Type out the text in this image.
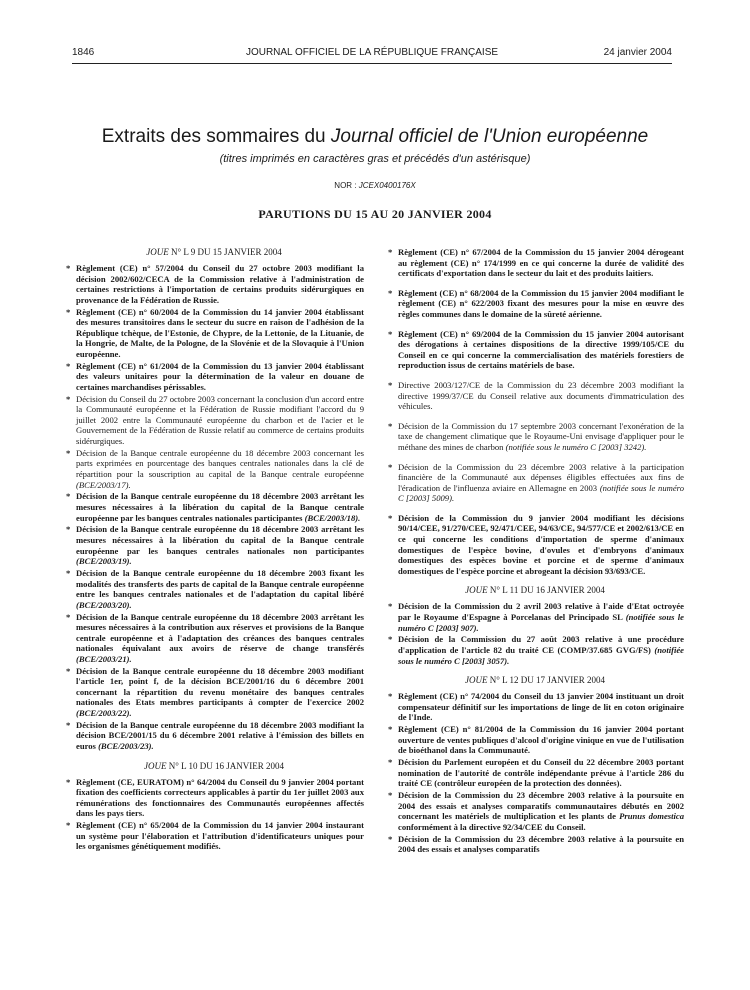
1846	JOURNAL OFFICIEL DE LA RÉPUBLIQUE FRANÇAISE	24 janvier 2004
Extraits des sommaires du Journal officiel de l'Union européenne
(titres imprimés en caractères gras et précédés d'un astérisque)
NOR : JCEX0400176X
PARUTIONS DU 15 AU 20 JANVIER 2004
JOUE N° L 9 DU 15 JANVIER 2004
* Règlement (CE) n° 57/2004 du Conseil du 27 octobre 2003 modifiant la décision 2002/602/CECA de la Commission relative à l'administration de certaines restrictions à l'importation de certains produits sidérurgiques en provenance de la Fédération de Russie.
* Règlement (CE) n° 60/2004 de la Commission du 14 janvier 2004 établissant des mesures transitoires dans le secteur du sucre en raison de l'adhésion de la République tchèque, de l'Estonie, de Chypre, de la Lettonie, de la Lituanie, de la Hongrie, de Malte, de la Pologne, de la Slovénie et de la Slovaquie à l'Union européenne.
* Règlement (CE) n° 61/2004 de la Commission du 13 janvier 2004 établissant des valeurs unitaires pour la détermination de la valeur en douane de certaines marchandises périssables.
* Décision du Conseil du 27 octobre 2003 concernant la conclusion d'un accord entre la Communauté européenne et la Fédération de Russie modifiant l'accord du 9 juillet 2002 entre la Communauté européenne du charbon et de l'acier et le Gouvernement de la Fédération de Russie relatif au commerce de certains produits sidérurgiques.
* Décision de la Banque centrale européenne du 18 décembre 2003 concernant les parts exprimées en pourcentage des banques centrales nationales dans la clé de répartition pour la souscription au capital de la Banque centrale européenne (BCE/2003/17).
* Décision de la Banque centrale européenne du 18 décembre 2003 arrêtant les mesures nécessaires à la libération du capital de la Banque centrale européenne par les banques centrales nationales participantes (BCE/2003/18).
* Décision de la Banque centrale européenne du 18 décembre 2003 arrêtant les mesures nécessaires à la libération du capital de la Banque centrale européenne par les banques centrales nationales non participantes (BCE/2003/19).
* Décision de la Banque centrale européenne du 18 décembre 2003 fixant les modalités des transferts des parts de capital de la Banque centrale européenne entre les banques centrales nationales et de l'adaptation du capital libéré (BCE/2003/20).
* Décision de la Banque centrale européenne du 18 décembre 2003 arrêtant les mesures nécessaires à la contribution aux réserves et provisions de la Banque centrale européenne et à l'adaptation des créances des banques centrales nationales équivalant aux avoirs de réserve de change transférés (BCE/2003/21).
* Décision de la Banque centrale européenne du 18 décembre 2003 modifiant l'article 1er, point f, de la décision BCE/2001/16 du 6 décembre 2001 concernant la répartition du revenu monétaire des banques centrales nationales des Etats membres participants à compter de l'exercice 2002 (BCE/2003/22).
* Décision de la Banque centrale européenne du 18 décembre 2003 modifiant la décision BCE/2001/15 du 6 décembre 2001 relative à l'émission des billets en euros (BCE/2003/23).
JOUE N° L 10 DU 16 JANVIER 2004
* Règlement (CE, EURATOM) n° 64/2004 du Conseil du 9 janvier 2004 portant fixation des coefficients correcteurs applicables à partir du 1er juillet 2003 aux rémunérations des fonctionnaires des Communautés européennes affectés dans les pays tiers.
* Règlement (CE) n° 65/2004 de la Commission du 14 janvier 2004 instaurant un système pour l'élaboration et l'attribution d'identificateurs uniques pour les organismes génétiquement modifiés.
* Règlement (CE) n° 67/2004 de la Commission du 15 janvier 2004 dérogeant au règlement (CE) n° 174/1999 en ce qui concerne la durée de validité des certificats d'exportation dans le secteur du lait et des produits laitiers.
* Règlement (CE) n° 68/2004 de la Commission du 15 janvier 2004 modifiant le règlement (CE) n° 622/2003 fixant des mesures pour la mise en œuvre des règles communes dans le domaine de la sûreté aérienne.
* Règlement (CE) n° 69/2004 de la Commission du 15 janvier 2004 autorisant des dérogations à certaines dispositions de la directive 1999/105/CE du Conseil en ce qui concerne la commercialisation des matériels forestiers de reproduction issus de certains matériels de base.
* Directive 2003/127/CE de la Commission du 23 décembre 2003 modifiant la directive 1999/37/CE du Conseil relative aux documents d'immatriculation des véhicules.
* Décision de la Commission du 17 septembre 2003 concernant l'exonération de la taxe de changement climatique que le Royaume-Uni envisage d'appliquer pour le méthane des mines de charbon (notifiée sous le numéro C [2003] 3242).
* Décision de la Commission du 23 décembre 2003 relative à la participation financière de la Communauté aux dépenses éligibles effectuées aux fins de l'éradication de l'influenza aviaire en Allemagne en 2003 (notifiée sous le numéro C [2003] 5009).
* Décision de la Commission du 9 janvier 2004 modifiant les décisions 90/14/CEE, 91/270/CEE, 92/471/CEE, 94/63/CE, 94/577/CE et 2002/613/CE en ce qui concerne les conditions d'importation de sperme d'animaux domestiques de l'espèce bovine, d'ovules et d'embryons d'animaux domestiques des espèces bovine et porcine et de sperme d'animaux domestiques de l'espèce porcine et abrogeant la décision 93/693/CE.
JOUE N° L 11 DU 16 JANVIER 2004
* Décision de la Commission du 2 avril 2003 relative à l'aide d'Etat octroyée par le Royaume d'Espagne à Porcelanas del Principado SL (notifiée sous le numéro C [2003] 907).
* Décision de la Commission du 27 août 2003 relative à une procédure d'application de l'article 82 du traité CE (COMP/37.685 GVG/FS) (notifiée sous le numéro C [2003] 3057).
JOUE N° L 12 DU 17 JANVIER 2004
* Règlement (CE) n° 74/2004 du Conseil du 13 janvier 2004 instituant un droit compensateur définitif sur les importations de linge de lit en coton originaire de l'Inde.
* Règlement (CE) n° 81/2004 de la Commission du 16 janvier 2004 portant ouverture de ventes publiques d'alcool d'origine vinique en vue de l'utilisation de bioéthanol dans la Communauté.
* Décision du Parlement européen et du Conseil du 22 décembre 2003 portant nomination de l'autorité de contrôle indépendante prévue à l'article 286 du traité CE (contrôleur européen de la protection des données).
* Décision de la Commission du 23 décembre 2003 relative à la poursuite en 2004 des essais et analyses comparatifs communautaires débutés en 2002 concernant les matériels de multiplication et les plants de Prunus domestica conformément à la directive 92/34/CEE du Conseil.
* Décision de la Commission du 23 décembre 2003 relative à la poursuite en 2004 des essais et analyses comparatifs
